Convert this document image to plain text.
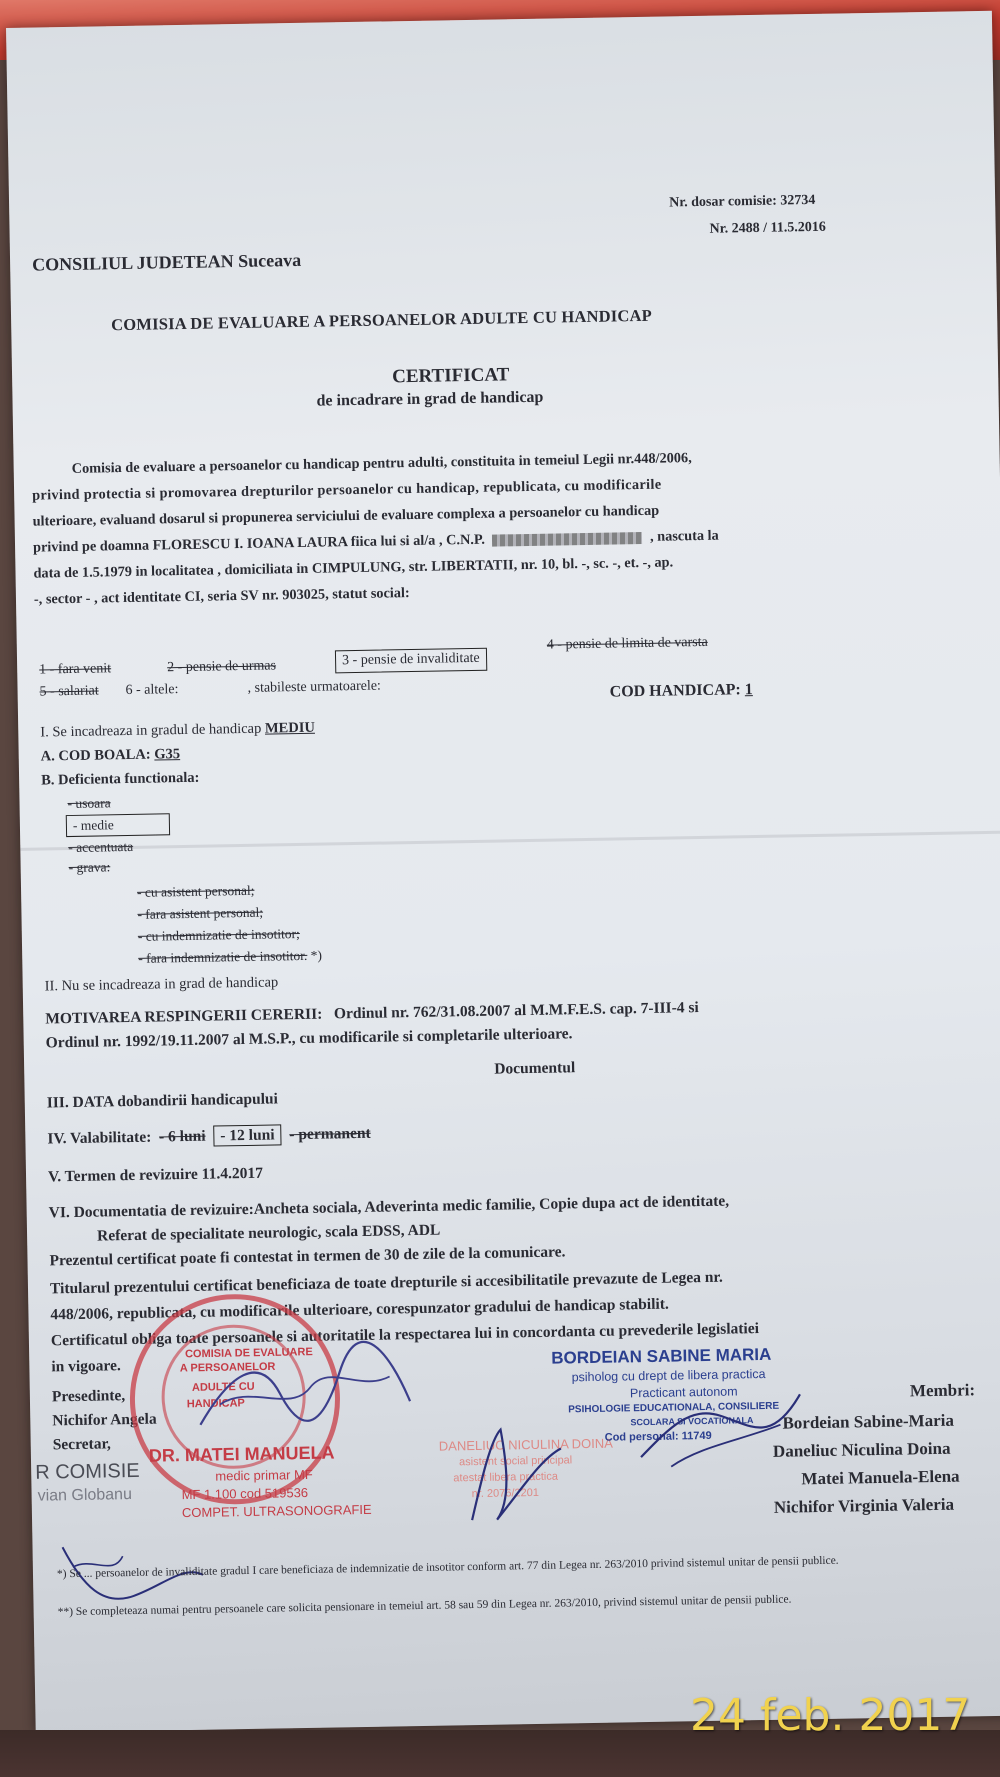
Nr. dosar comisie: 32734
Nr. 2488 / 11.5.2016
CONSILIUL JUDETEAN Suceava
COMISIA DE EVALUARE A PERSOANELOR ADULTE CU HANDICAP
CERTIFICAT
de incadrare in grad de handicap
Comisia de evaluare a persoanelor cu handicap pentru adulti, constituita in temeiul Legii nr.448/2006,
privind protectia si promovarea drepturilor persoanelor cu handicap, republicata, cu modificarile
ulterioare, evaluand dosarul si propunerea serviciului de evaluare complexa a persoanelor cu handicap
privind pe doamna FLORESCU I. IOANA LAURA fiica lui si al/a , C.N.P.	, nascuta la
data de 1.5.1979 in localitatea , domiciliata in CIMPULUNG, str. LIBERTATII, nr. 10, bl. -, sc. -, et. -, ap.
-, sector - , act identitate CI, seria SV nr. 903025, statut social:
1 - fara venit	2 - pensie de urmas	3 - pensie de invaliditate
4 - pensie de limita de varsta
5 - salariat 6 - altele:	, stabileste urmatoarele:	COD HANDICAP: 1
I. Se incadreaza in gradul de handicap MEDIU
A. COD BOALA: G35
B. Deficienta functionala:
- usoara
- medie
- accentuata
- grava:
- cu asistent personal;
- fara asistent personal;
- cu indemnizatie de insotitor;
- fara indemnizatie de insotitor. *)
II. Nu se incadreaza in grad de handicap
MOTIVAREA RESPINGERII CERERII: Ordinul nr. 762/31.08.2007 al M.M.F.E.S. cap. 7-III-4 si
Ordinul nr. 1992/19.11.2007 al M.S.P., cu modificarile si completarile ulterioare.
Documentul
III. DATA dobandirii handicapului
IV. Valabilitate: - 6 luni - 12 luni - permanent
V. Termen de revizuire 11.4.2017
VI. Documentatia de revizuire:Ancheta sociala, Adeverinta medic familie, Copie dupa act de identitate,
Referat de specialitate neurologic, scala EDSS, ADL
Prezentul certificat poate fi contestat in termen de 30 de zile de la comunicare.
Titularul prezentului certificat beneficiaza de toate drepturile si accesibilitatile prevazute de Legea nr.
448/2006, republicata, cu modificarile ulterioare, corespunzator gradului de handicap stabilit.
Certificatul obliga toate persoanele si autoritatile la respectarea lui in concordanta cu prevederile legislatiei
in vigoare.
Presedinte,
Nichifor Angela
Secretar,
Membri:
Bordeian Sabine-Maria
Daneliuc Niculina Doina
Matei Manuela-Elena
Nichifor Virginia Valeria
R COMISIE
vian Globanu
COMISIA DE EVALUARE
A PERSOANELOR
ADULTE CU
HANDICAP
DR. MATEI MANUELA
medic primar MF
MF 1.100 cod 519536
COMPET. ULTRASONOGRAFIE
DANELIUC NICULINA DOINA
asistent social principal
atestat libera practica
nr. 2076/2201
BORDEIAN SABINE MARIA
psiholog cu drept de libera practica
Practicant autonom
PSIHOLOGIE EDUCATIONALA, CONSILIERE
SCOLARA SI VOCATIONALA
Cod personal: 11749
*) Se ... persoanelor de invaliditate gradul I care beneficiaza de indemnizatie de insotitor conform art. 77 din Legea nr. 263/2010 privind sistemul unitar de pensii publice.
**) Se completeaza numai pentru persoanele care solicita pensionare in temeiul art. 58 sau 59 din Legea nr. 263/2010, privind sistemul unitar de pensii publice.
24 feb. 2017
